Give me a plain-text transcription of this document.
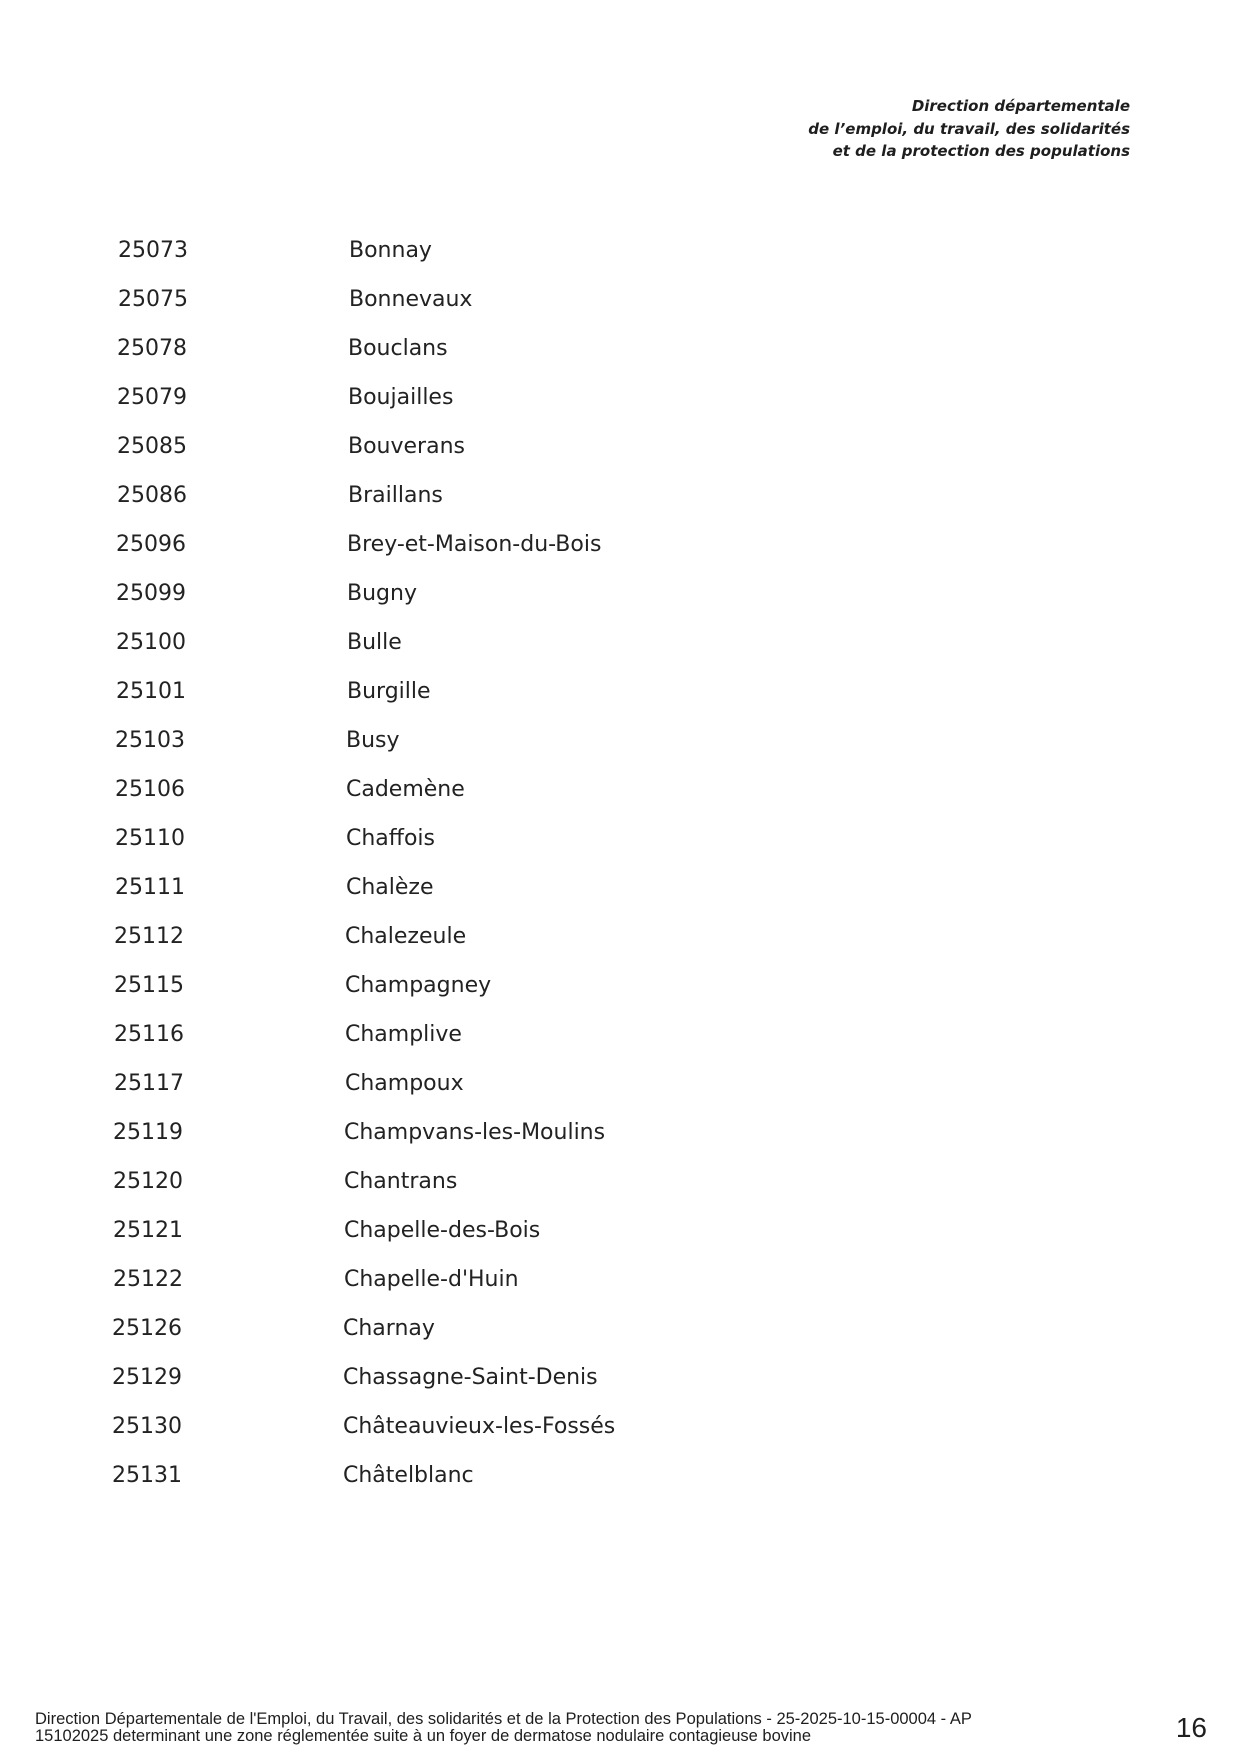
Direction départementale
de l’emploi, du travail, des solidarités
et de la protection des populations
25073	Bonnay
25075	Bonnevaux
25078	Bouclans
25079	Boujailles
25085	Bouverans
25086	Braillans
25096	Brey-et-Maison-du-Bois
25099	Bugny
25100	Bulle
25101	Burgille
25103	Busy
25106	Cademène
25110	Chaffois
25111	Chalèze
25112	Chalezeule
25115	Champagney
25116	Champlive
25117	Champoux
25119	Champvans-les-Moulins
25120	Chantrans
25121	Chapelle-des-Bois
25122	Chapelle-d'Huin
25126	Charnay
25129	Chassagne-Saint-Denis
25130	Châteauvieux-les-Fossés
25131	Châtelblanc
Direction Départementale de l'Emploi, du Travail, des solidarités et de la Protection des Populations - 25-2025-10-15-00004 - AP
15102025 determinant une zone réglementée suite à un foyer de dermatose nodulaire contagieuse bovine	16
